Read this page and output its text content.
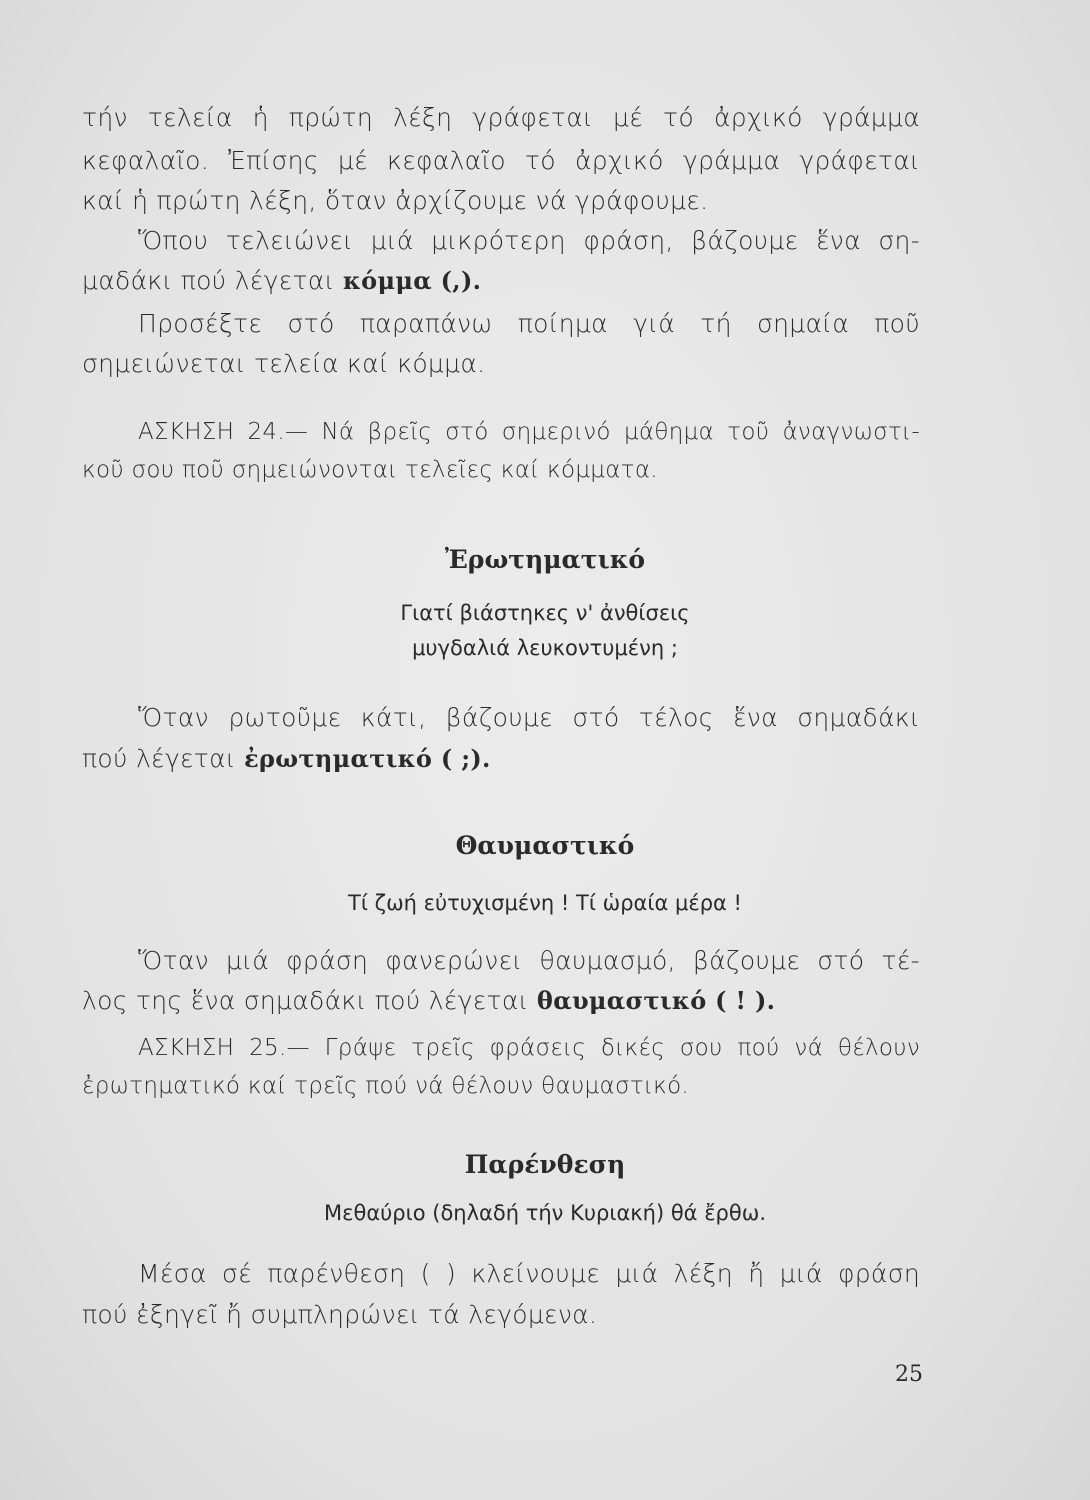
τήν τελεία ἡ πρώτη λέξη γράφεται μέ τό ἀρχικό γράμμα
κεφαλαῖο. Ἐπίσης μέ κεφαλαῖο τό ἀρχικό γράμμα γράφεται
καί ἡ πρώτη λέξη, ὅταν ἀρχίζουμε νά γράφουμε.
Ὅπου τελειώνει μιά μικρότερη φράση, βάζουμε ἕνα ση-
μαδάκι πού λέγεται κόμμα (,).
Προσέξτε στό παραπάνω ποίημα γιά τή σημαία ποῦ
σημειώνεται τελεία καί κόμμα.
ΑΣΚΗΣΗ 24.— Νά βρεῖς στό σημερινό μάθημα τοῦ ἀναγνωστι-
κοῦ σου ποῦ σημειώνονται τελεῖες καί κόμματα.
Ἐρωτηματικό
Γιατί βιάστηκες ν' ἀνθίσεις
μυγδαλιά λευκοντυμένη ;
Ὅταν ρωτοῦμε κάτι, βάζουμε στό τέλος ἕνα σημαδάκι
πού λέγεται ἐρωτηματικό ( ;).
Θαυμαστικό
Τί ζωή εὐτυχισμένη ! Τί ὡραία μέρα !
Ὅταν μιά φράση φανερώνει θαυμασμό, βάζουμε στό τέ-
λος της ἕνα σημαδάκι πού λέγεται θαυμαστικό ( ! ).
ΑΣΚΗΣΗ 25.— Γράψε τρεῖς φράσεις δικές σου πού νά θέλουν
ἐρωτηματικό καί τρεῖς πού νά θέλουν θαυμαστικό.
Παρένθεση
Μεθαύριο (δηλαδή τήν Κυριακή) θά ἔρθω.
Μέσα σέ παρένθεση ( ) κλείνουμε μιά λέξη ἤ μιά φράση
πού ἐξηγεῖ ἤ συμπληρώνει τά λεγόμενα.
25
